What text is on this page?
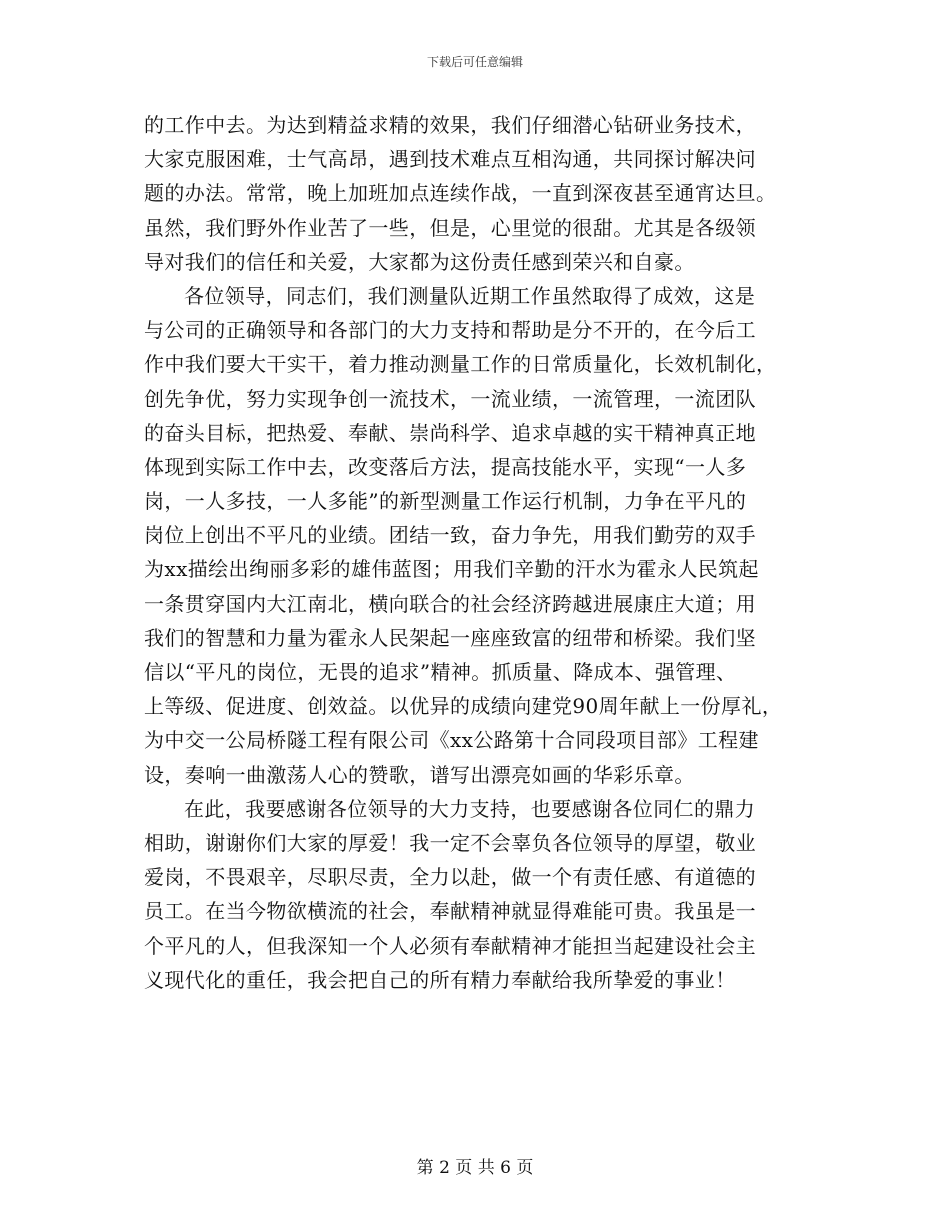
下载后可任意编辑
的工作中去。为达到精益求精的效果，我们仔细潜心钻研业务技术，
大家克服困难，士气高昂，遇到技术难点互相沟通，共同探讨解决问
题的办法。常常，晚上加班加点连续作战，一直到深夜甚至通宵达旦。
虽然，我们野外作业苦了一些，但是，心里觉的很甜。尤其是各级领
导对我们的信任和关爱，大家都为这份责任感到荣兴和自豪。
各位领导，同志们，我们测量队近期工作虽然取得了成效，这是
与公司的正确领导和各部门的大力支持和帮助是分不开的，在今后工
作中我们要大干实干，着力推动测量工作的日常质量化，长效机制化，
创先争优，努力实现争创一流技术，一流业绩，一流管理，一流团队
的奋头目标，把热爱、奉献、崇尚科学、追求卓越的实干精神真正地
体现到实际工作中去，改变落后方法，提高技能水平，实现“一人多
岗，一人多技，一人多能”的新型测量工作运行机制，力争在平凡的
岗位上创出不平凡的业绩。团结一致，奋力争先，用我们勤劳的双手
为xx描绘出绚丽多彩的雄伟蓝图；用我们辛勤的汗水为霍永人民筑起
一条贯穿国内大江南北，横向联合的社会经济跨越进展康庄大道；用
我们的智慧和力量为霍永人民架起一座座致富的纽带和桥梁。我们坚
信以“平凡的岗位，无畏的追求”精神。抓质量、降成本、强管理、
上等级、促进度、创效益。以优异的成绩向建党90周年献上一份厚礼，
为中交一公局桥隧工程有限公司《xx公路第十合同段项目部》工程建
设，奏响一曲激荡人心的赞歌，谱写出漂亮如画的华彩乐章。
在此，我要感谢各位领导的大力支持，也要感谢各位同仁的鼎力
相助，谢谢你们大家的厚爱！我一定不会辜负各位领导的厚望，敬业
爱岗，不畏艰辛，尽职尽责，全力以赴，做一个有责任感、有道德的
员工。在当今物欲横流的社会，奉献精神就显得难能可贵。我虽是一
个平凡的人，但我深知一个人必须有奉献精神才能担当起建设社会主
义现代化的重任，我会把自己的所有精力奉献给我所挚爱的事业！
第 2 页 共 6 页
